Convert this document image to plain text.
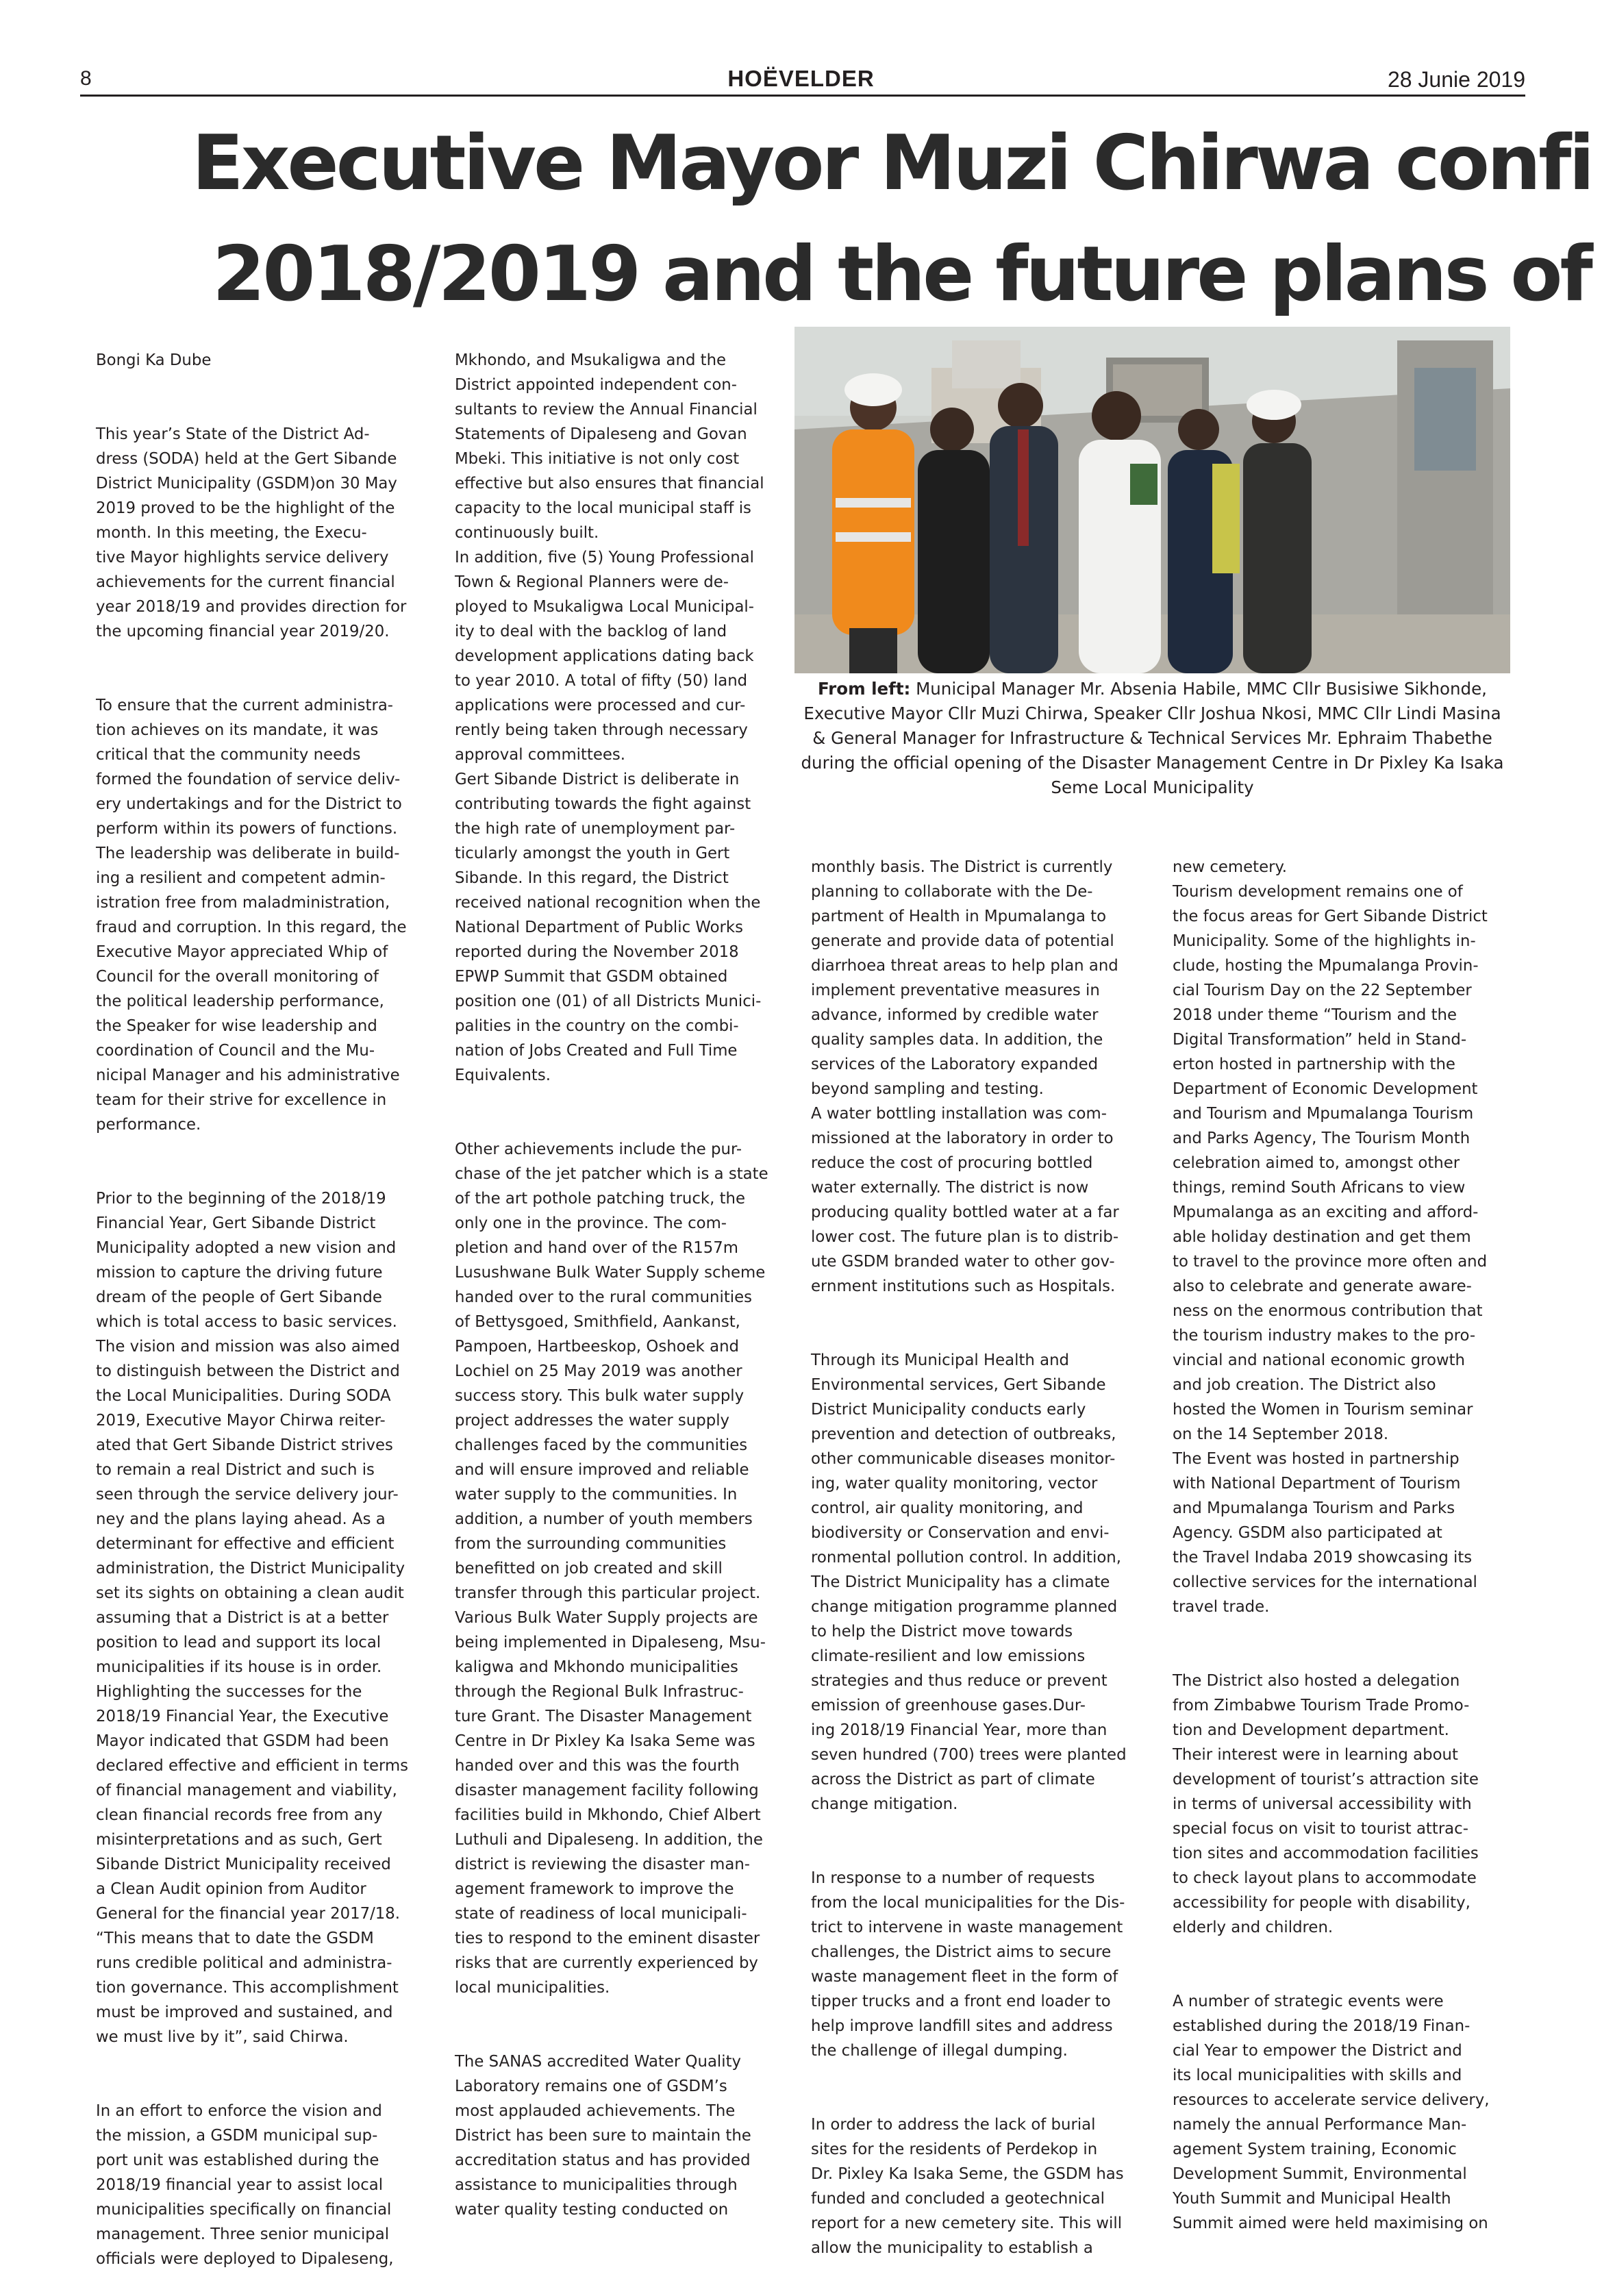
8	HOËVELDER	28 Junie 2019
Executive Mayor Muzi Chirwa confi
2018/2019 and the future plans of

Bongi Ka Dube

This year’s State of the District Ad-
dress (SODA) held at the Gert Sibande
District Municipality (GSDM)on 30 May
2019 proved to be the highlight of the
month. In this meeting, the Execu-
tive Mayor highlights service delivery
achievements for the current financial
year 2018/19 and provides direction for
the upcoming financial year 2019/20.

To ensure that the current administra-
tion achieves on its mandate, it was
critical that the community needs
formed the foundation of service deliv-
ery undertakings and for the District to
perform within its powers of functions.
The leadership was deliberate in build-
ing a resilient and competent admin-
istration free from maladministration,
fraud and corruption. In this regard, the
Executive Mayor appreciated Whip of
Council for the overall monitoring of
the political leadership performance,
the Speaker for wise leadership and
coordination of Council and the Mu-
nicipal Manager and his administrative
team for their strive for excellence in
performance.

Prior to the beginning of the 2018/19
Financial Year, Gert Sibande District
Municipality adopted a new vision and
mission to capture the driving future
dream of the people of Gert Sibande
which is total access to basic services.
The vision and mission was also aimed
to distinguish between the District and
the Local Municipalities. During SODA
2019, Executive Mayor Chirwa reiter-
ated that Gert Sibande District strives
to remain a real District and such is
seen through the service delivery jour-
ney and the plans laying ahead. As a
determinant for effective and efficient
administration, the District Municipality
set its sights on obtaining a clean audit
assuming that a District is at a better
position to lead and support its local
municipalities if its house is in order.
Highlighting the successes for the
2018/19 Financial Year, the Executive
Mayor indicated that GSDM had been
declared effective and efficient in terms
of financial management and viability,
clean financial records free from any
misinterpretations and as such, Gert
Sibande District Municipality received
a Clean Audit opinion from Auditor
General for the financial year 2017/18.
“This means that to date the GSDM
runs credible political and administra-
tion governance. This accomplishment
must be improved and sustained, and
we must live by it”, said Chirwa.

In an effort to enforce the vision and
the mission, a GSDM municipal sup-
port unit was established during the
2018/19 financial year to assist local
municipalities specifically on financial
management. Three senior municipal
officials were deployed to Dipaleseng,

Mkhondo, and Msukaligwa and the
District appointed independent con-
sultants to review the Annual Financial
Statements of Dipaleseng and Govan
Mbeki. This initiative is not only cost
effective but also ensures that financial
capacity to the local municipal staff is
continuously built.
In addition, five (5) Young Professional
Town & Regional Planners were de-
ployed to Msukaligwa Local Municipal-
ity to deal with the backlog of land
development applications dating back
to year 2010. A total of fifty (50) land
applications were processed and cur-
rently being taken through necessary
approval committees.
Gert Sibande District is deliberate in
contributing towards the fight against
the high rate of unemployment par-
ticularly amongst the youth in Gert
Sibande. In this regard, the District
received national recognition when the
National Department of Public Works
reported during the November 2018
EPWP Summit that GSDM obtained
position one (01) of all Districts Munici-
palities in the country on the combi-
nation of Jobs Created and Full Time
Equivalents.

Other achievements include the pur-
chase of the jet patcher which is a state
of the art pothole patching truck, the
only one in the province. The com-
pletion and hand over of the R157m
Lusushwane Bulk Water Supply scheme
handed over to the rural communities
of Bettysgoed, Smithfield, Aankanst,
Pampoen, Hartbeeskop, Oshoek and
Lochiel on 25 May 2019 was another
success story. This bulk water supply
project addresses the water supply
challenges faced by the communities
and will ensure improved and reliable
water supply to the communities. In
addition, a number of youth members
from the surrounding communities
benefitted on job created and skill
transfer through this particular project.
Various Bulk Water Supply projects are
being implemented in Dipaleseng, Msu-
kaligwa and Mkhondo municipalities
through the Regional Bulk Infrastruc-
ture Grant. The Disaster Management
Centre in Dr Pixley Ka Isaka Seme was
handed over and this was the fourth
disaster management facility following
facilities build in Mkhondo, Chief Albert
Luthuli and Dipaleseng. In addition, the
district is reviewing the disaster man-
agement framework to improve the
state of readiness of local municipali-
ties to respond to the eminent disaster
risks that are currently experienced by
local municipalities.

The SANAS accredited Water Quality
Laboratory remains one of GSDM’s
most applauded achievements. The
District has been sure to maintain the
accreditation status and has provided
assistance to municipalities through
water quality testing conducted on

From left: Municipal Manager Mr. Absenia Habile, MMC Cllr Busisiwe Sikhonde, Executive Mayor Cllr Muzi Chirwa, Speaker Cllr Joshua Nkosi, MMC Cllr Lindi Masina & General Manager for Infrastructure & Technical Services Mr. Ephraim Thabethe during the official opening of the Disaster Management Centre in Dr Pixley Ka Isaka Seme Local Municipality

monthly basis. The District is currently
planning to collaborate with the De-
partment of Health in Mpumalanga to
generate and provide data of potential
diarrhoea threat areas to help plan and
implement preventative measures in
advance, informed by credible water
quality samples data. In addition, the
services of the Laboratory expanded
beyond sampling and testing.
A water bottling installation was com-
missioned at the laboratory in order to
reduce the cost of procuring bottled
water externally. The district is now
producing quality bottled water at a far
lower cost. The future plan is to distrib-
ute GSDM branded water to other gov-
ernment institutions such as Hospitals.

Through its Municipal Health and
Environmental services, Gert Sibande
District Municipality conducts early
prevention and detection of outbreaks,
other communicable diseases monitor-
ing, water quality monitoring, vector
control, air quality monitoring, and
biodiversity or Conservation and envi-
ronmental pollution control. In addition,
The District Municipality has a climate
change mitigation programme planned
to help the District move towards
climate-resilient and low emissions
strategies and thus reduce or prevent
emission of greenhouse gases.Dur-
ing 2018/19 Financial Year, more than
seven hundred (700) trees were planted
across the District as part of climate
change mitigation.

In response to a number of requests
from the local municipalities for the Dis-
trict to intervene in waste management
challenges, the District aims to secure
waste management fleet in the form of
tipper trucks and a front end loader to
help improve landfill sites and address
the challenge of illegal dumping.

In order to address the lack of burial
sites for the residents of Perdekop in
Dr. Pixley Ka Isaka Seme, the GSDM has
funded and concluded a geotechnical
report for a new cemetery site. This will
allow the municipality to establish a

new cemetery.
Tourism development remains one of
the focus areas for Gert Sibande District
Municipality. Some of the highlights in-
clude, hosting the Mpumalanga Provin-
cial Tourism Day on the 22 September
2018 under theme “Tourism and the
Digital Transformation” held in Stand-
erton hosted in partnership with the
Department of Economic Development
and Tourism and Mpumalanga Tourism
and Parks Agency, The Tourism Month
celebration aimed to, amongst other
things, remind South Africans to view
Mpumalanga as an exciting and afford-
able holiday destination and get them
to travel to the province more often and
also to celebrate and generate aware-
ness on the enormous contribution that
the tourism industry makes to the pro-
vincial and national economic growth
and job creation. The District also
hosted the Women in Tourism seminar
on the 14 September 2018.
The Event was hosted in partnership
with National Department of Tourism
and Mpumalanga Tourism and Parks
Agency. GSDM also participated at
the Travel Indaba 2019 showcasing its
collective services for the international
travel trade.

The District also hosted a delegation
from Zimbabwe Tourism Trade Promo-
tion and Development department.
Their interest were in learning about
development of tourist’s attraction site
in terms of universal accessibility with
special focus on visit to tourist attrac-
tion sites and accommodation facilities
to check layout plans to accommodate
accessibility for people with disability,
elderly and children.

A number of strategic events were
established during the 2018/19 Finan-
cial Year to empower the District and
its local municipalities with skills and
resources to accelerate service delivery,
namely the annual Performance Man-
agement System training, Economic
Development Summit, Environmental
Youth Summit and Municipal Health
Summit aimed were held maximising on
